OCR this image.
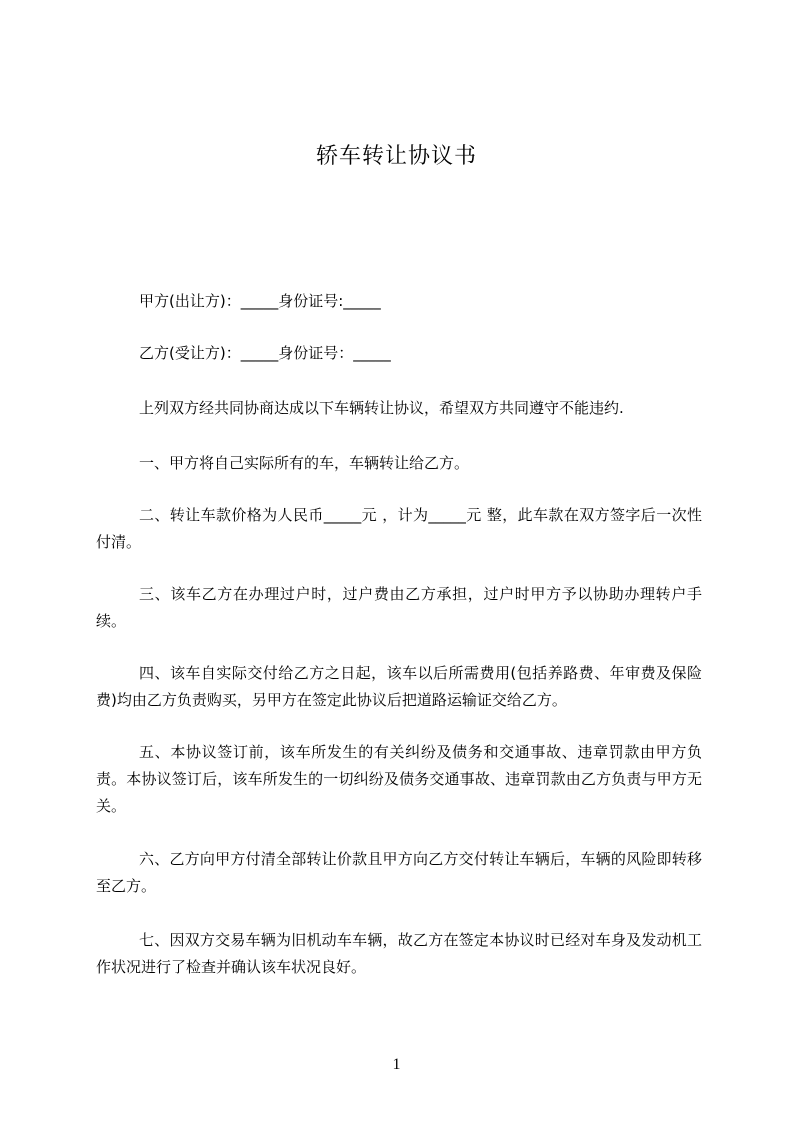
轿车转让协议书
甲方(出让方)：_____身份证号:_____
乙方(受让方)：_____身份证号：_____
上列双方经共同协商达成以下车辆转让协议，希望双方共同遵守不能违约.
一、甲方将自己实际所有的车，车辆转让给乙方。
二、转让车款价格为人民币_____元 ，计为_____元 整，此车款在双方签字后一次性付清。
三、该车乙方在办理过户时，过户费由乙方承担，过户时甲方予以协助办理转户手续。
四、该车自实际交付给乙方之日起，该车以后所需费用(包括养路费、年审费及保险费)均由乙方负责购买，另甲方在签定此协议后把道路运输证交给乙方。
五、本协议签订前，该车所发生的有关纠纷及债务和交通事故、违章罚款由甲方负责。本协议签订后，该车所发生的一切纠纷及债务交通事故、违章罚款由乙方负责与甲方无关。
六、乙方向甲方付清全部转让价款且甲方向乙方交付转让车辆后，车辆的风险即转移至乙方。
七、因双方交易车辆为旧机动车车辆，故乙方在签定本协议时已经对车身及发动机工作状况进行了检查并确认该车状况良好。
1
